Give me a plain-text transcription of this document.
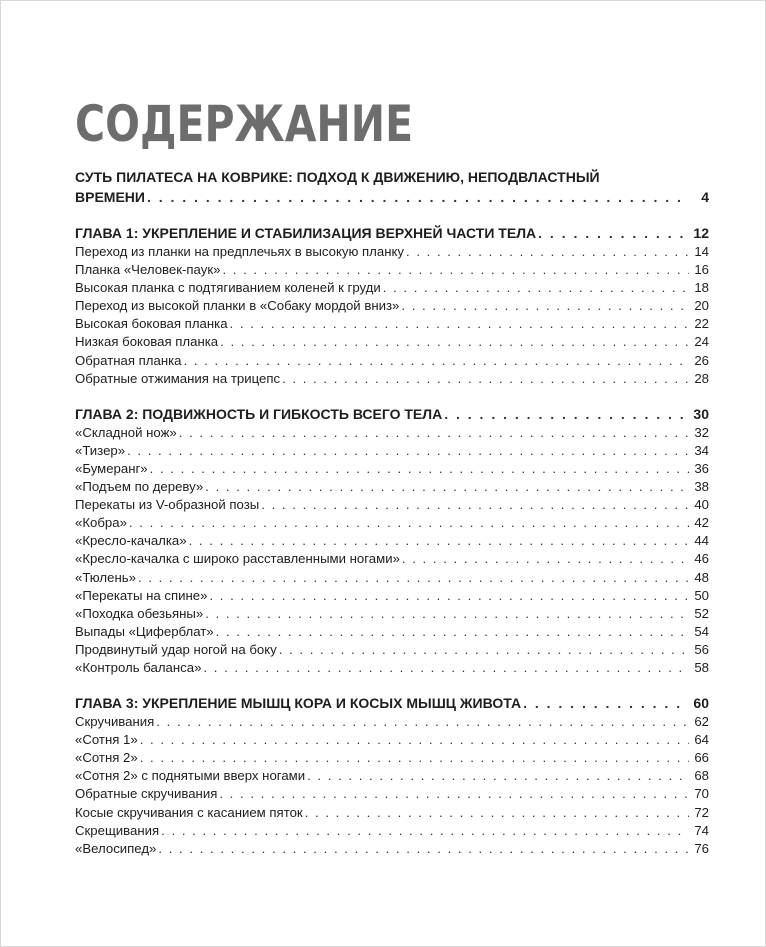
СОДЕРЖАНИЕ
СУТЬ ПИЛАТЕСА НА КОВРИКЕ: ПОДХОД К ДВИЖЕНИЮ, НЕПОДВЛАСТНЫЙ
ВРЕМЕНИ . . .	4
ГЛАВА 1: УКРЕПЛЕНИЕ И СТАБИЛИЗАЦИЯ ВЕРХНЕЙ ЧАСТИ ТЕЛА . . .	12
Переход из планки на предплечьях в высокую планку . . .	14
Планка «Человек-паук» . . .	16
Высокая планка с подтягиванием коленей к груди . . .	18
Переход из высокой планки в «Собаку мордой вниз» . . .	20
Высокая боковая планка . . .	22
Низкая боковая планка . . .	24
Обратная планка . . .	26
Обратные отжимания на трицепс . . .	28
ГЛАВА 2: ПОДВИЖНОСТЬ И ГИБКОСТЬ ВСЕГО ТЕЛА . . .	30
«Складной нож» . . .	32
«Тизер» . . .	34
«Бумеранг» . . .	36
«Подъем по дереву» . . .	38
Перекаты из V-образной позы . . .	40
«Кобра» . . .	42
«Кресло-качалка» . . .	44
«Кресло-качалка с широко расставленными ногами» . . .	46
«Тюлень» . . .	48
«Перекаты на спине» . . .	50
«Походка обезьяны» . . .	52
Выпады «Циферблат» . . .	54
Продвинутый удар ногой на боку . . .	56
«Контроль баланса» . . .	58
ГЛАВА 3: УКРЕПЛЕНИЕ МЫШЦ КОРА И КОСЫХ МЫШЦ ЖИВОТА . . .	60
Скручивания . . .	62
«Сотня 1» . . .	64
«Сотня 2» . . .	66
«Сотня 2» с поднятыми вверх ногами . . .	68
Обратные скручивания . . .	70
Косые скручивания с касанием пяток . . .	72
Скрещивания . . .	74
«Велосипед» . . .	76
